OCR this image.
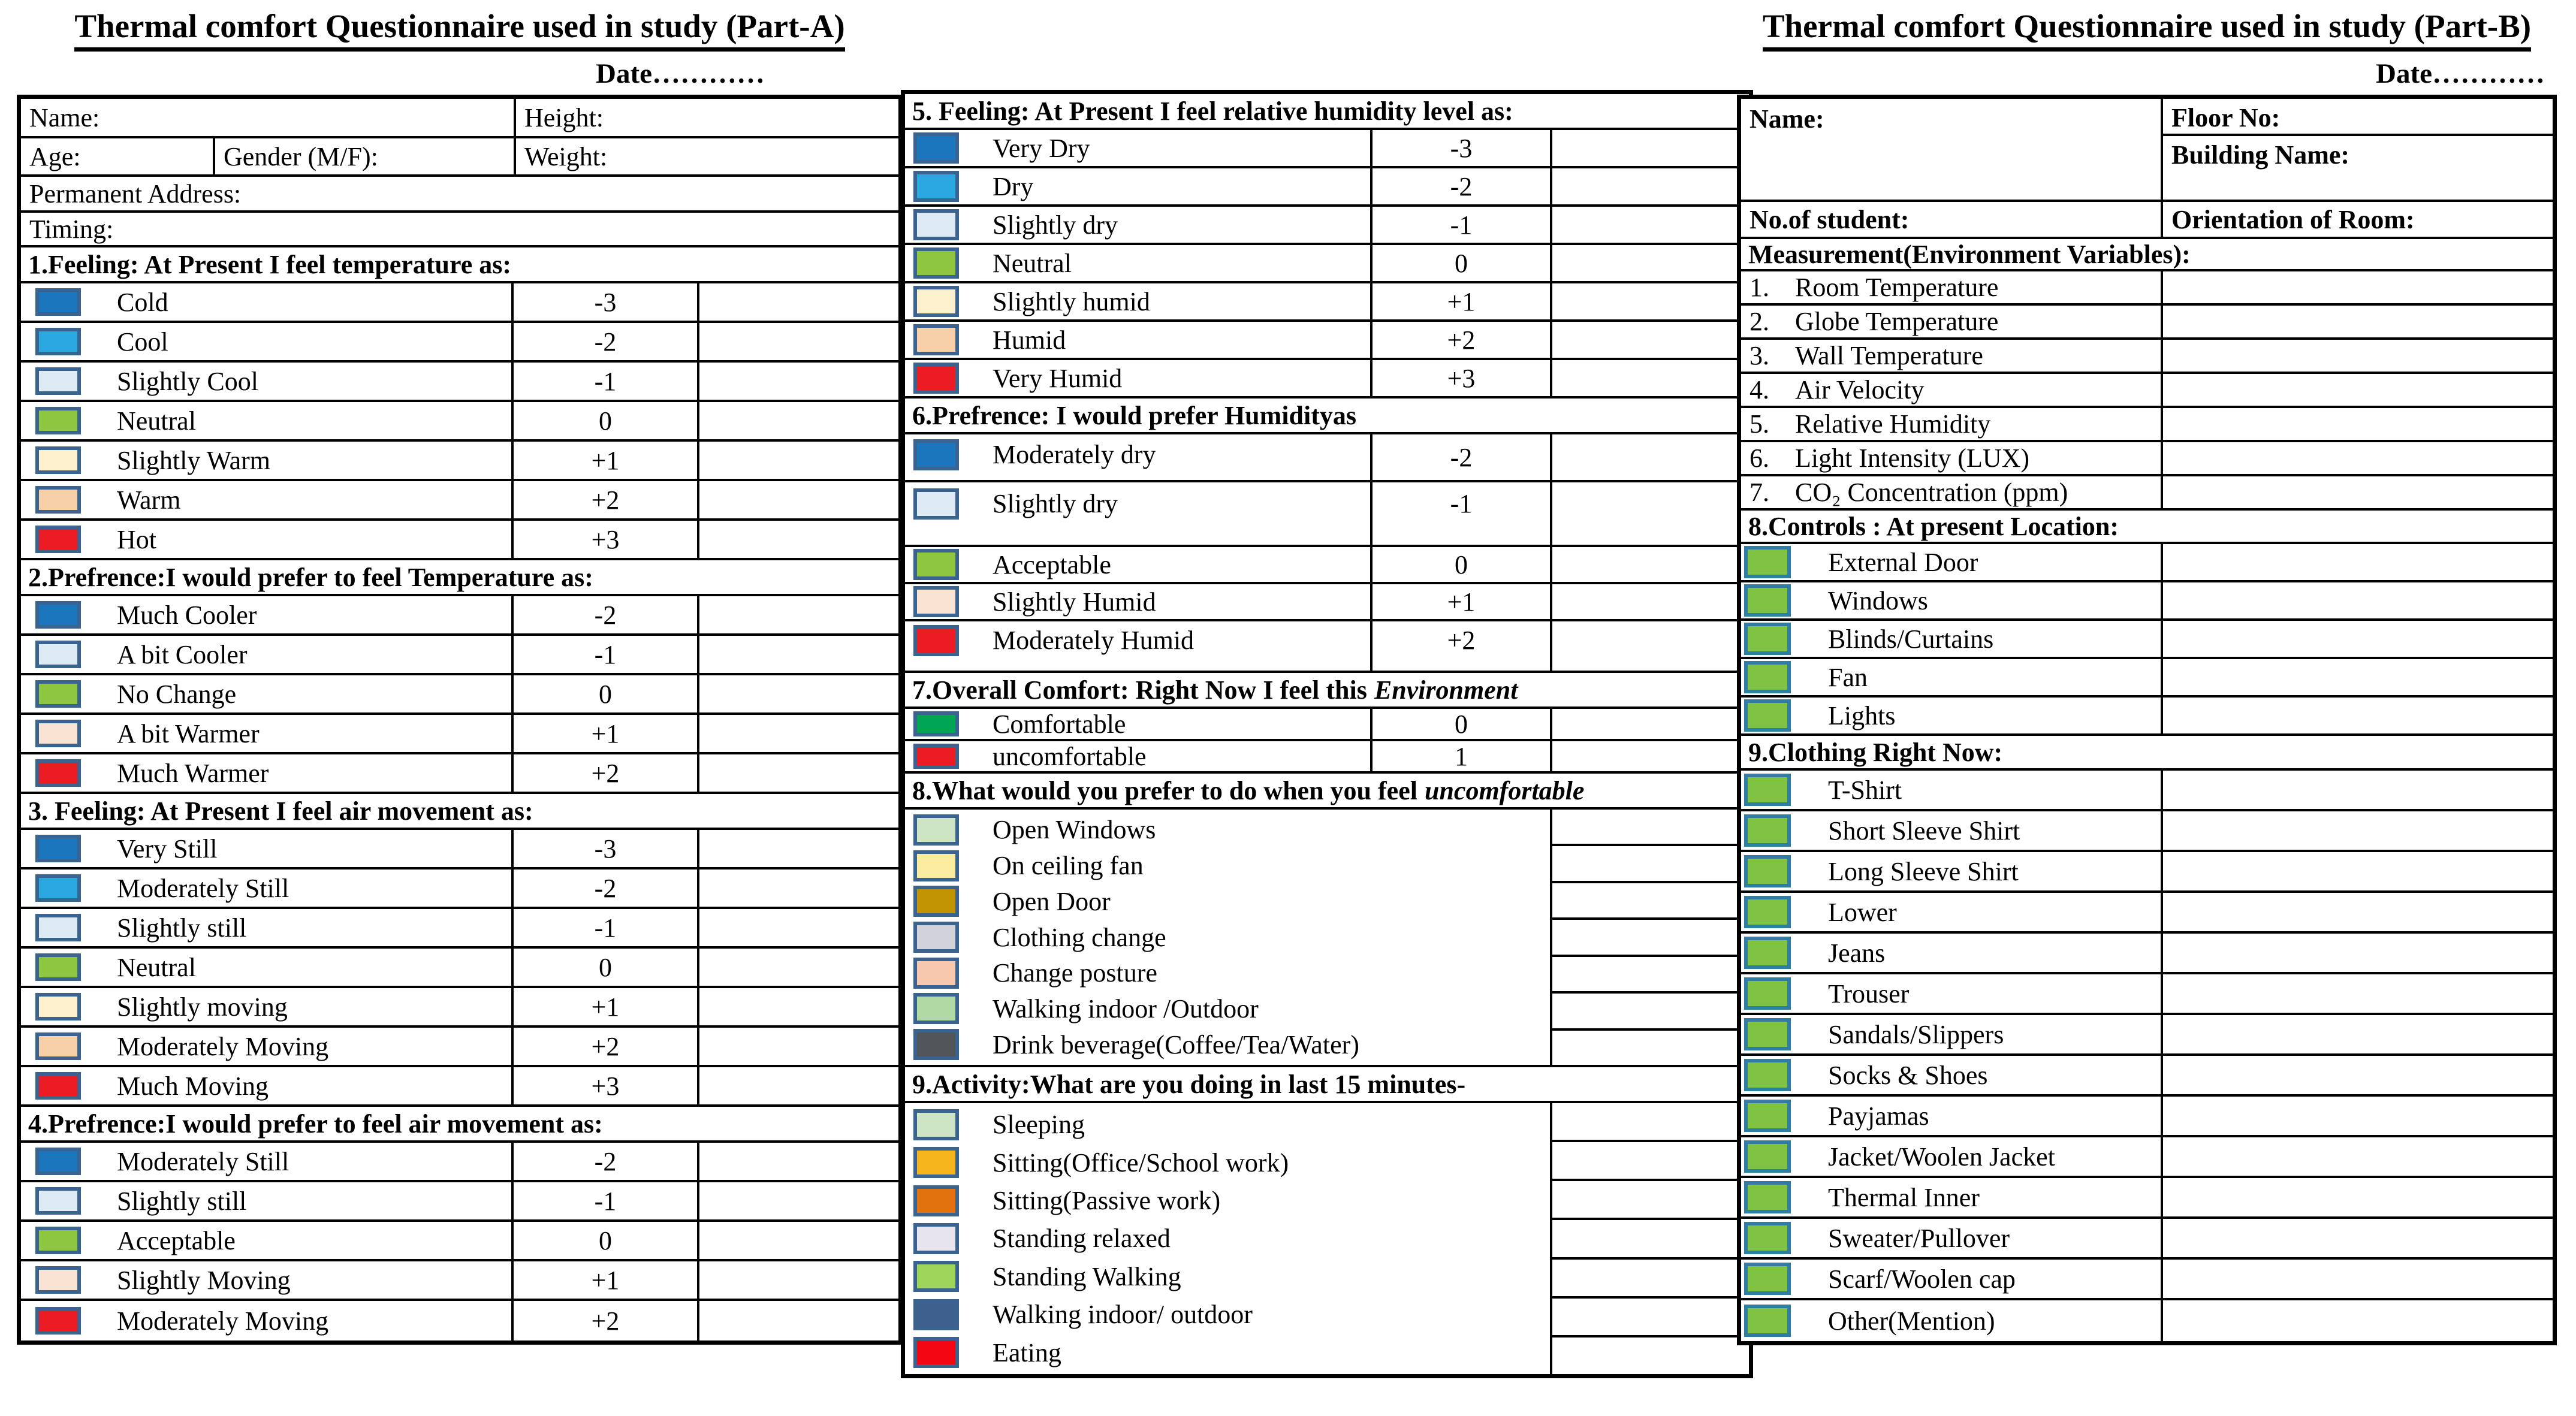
Thermal comfort Questionnaire used in study (Part-A)
Date…………
Name:	Height:
Age:	Gender (M/F):	Weight:
Permanent Address:
Timing:
1.Feeling: At Present I feel temperature as:
Cold	-3
Cool	-2
Slightly Cool	-1
Neutral	0
Slightly Warm	+1
Warm	+2
Hot	+3
2.Prefrence:I would prefer to feel Temperature as:
Much Cooler	-2
A bit Cooler	-1
No Change	0
A bit Warmer	+1
Much Warmer	+2
3. Feeling: At Present I feel air movement as:
Very Still	-3
Moderately Still	-2
Slightly still	-1
Neutral	0
Slightly moving	+1
Moderately Moving	+2
Much Moving	+3
4.Prefrence:I would prefer to feel air movement as:
Moderately Still	-2
Slightly still	-1
Acceptable	0
Slightly Moving	+1
Moderately Moving	+2
5. Feeling: At Present I feel relative humidity level as:
Very Dry	-3
Dry	-2
Slightly dry	-1
Neutral	0
Slightly humid	+1
Humid	+2
Very Humid	+3
6.Prefrence: I would prefer Humidityas
Moderately dry	-2
Slightly dry	-1
Acceptable	0
Slightly Humid	+1
Moderately Humid	+2
7.Overall Comfort: Right Now I feel this Environment
Comfortable	0
uncomfortable	1
8.What would you prefer to do when you feel uncomfortable
Open Windows
On ceiling fan
Open Door
Clothing change
Change posture
Walking indoor /Outdoor
Drink beverage(Coffee/Tea/Water)
9.Activity:What are you doing in last 15 minutes-
Sleeping
Sitting(Office/School work)
Sitting(Passive work)
Standing relaxed
Standing Walking
Walking indoor/ outdoor
Eating
Thermal comfort Questionnaire used in study (Part-B)
Date…………
Name:	Floor No:
Building Name:
No.of student:	Orientation of Room:
Measurement(Environment Variables):
1. Room Temperature
2. Globe Temperature
3. Wall Temperature
4. Air Velocity
5. Relative Humidity
6. Light Intensity (LUX)
7. CO₂ Concentration (ppm)
8.Controls : At present Location:
External Door
Windows
Blinds/Curtains
Fan
Lights
9.Clothing Right Now:
T-Shirt
Short Sleeve Shirt
Long Sleeve Shirt
Lower
Jeans
Trouser
Sandals/Slippers
Socks & Shoes
Payjamas
Jacket/Woolen Jacket
Thermal Inner
Sweater/Pullover
Scarf/Woolen cap
Other(Mention)
